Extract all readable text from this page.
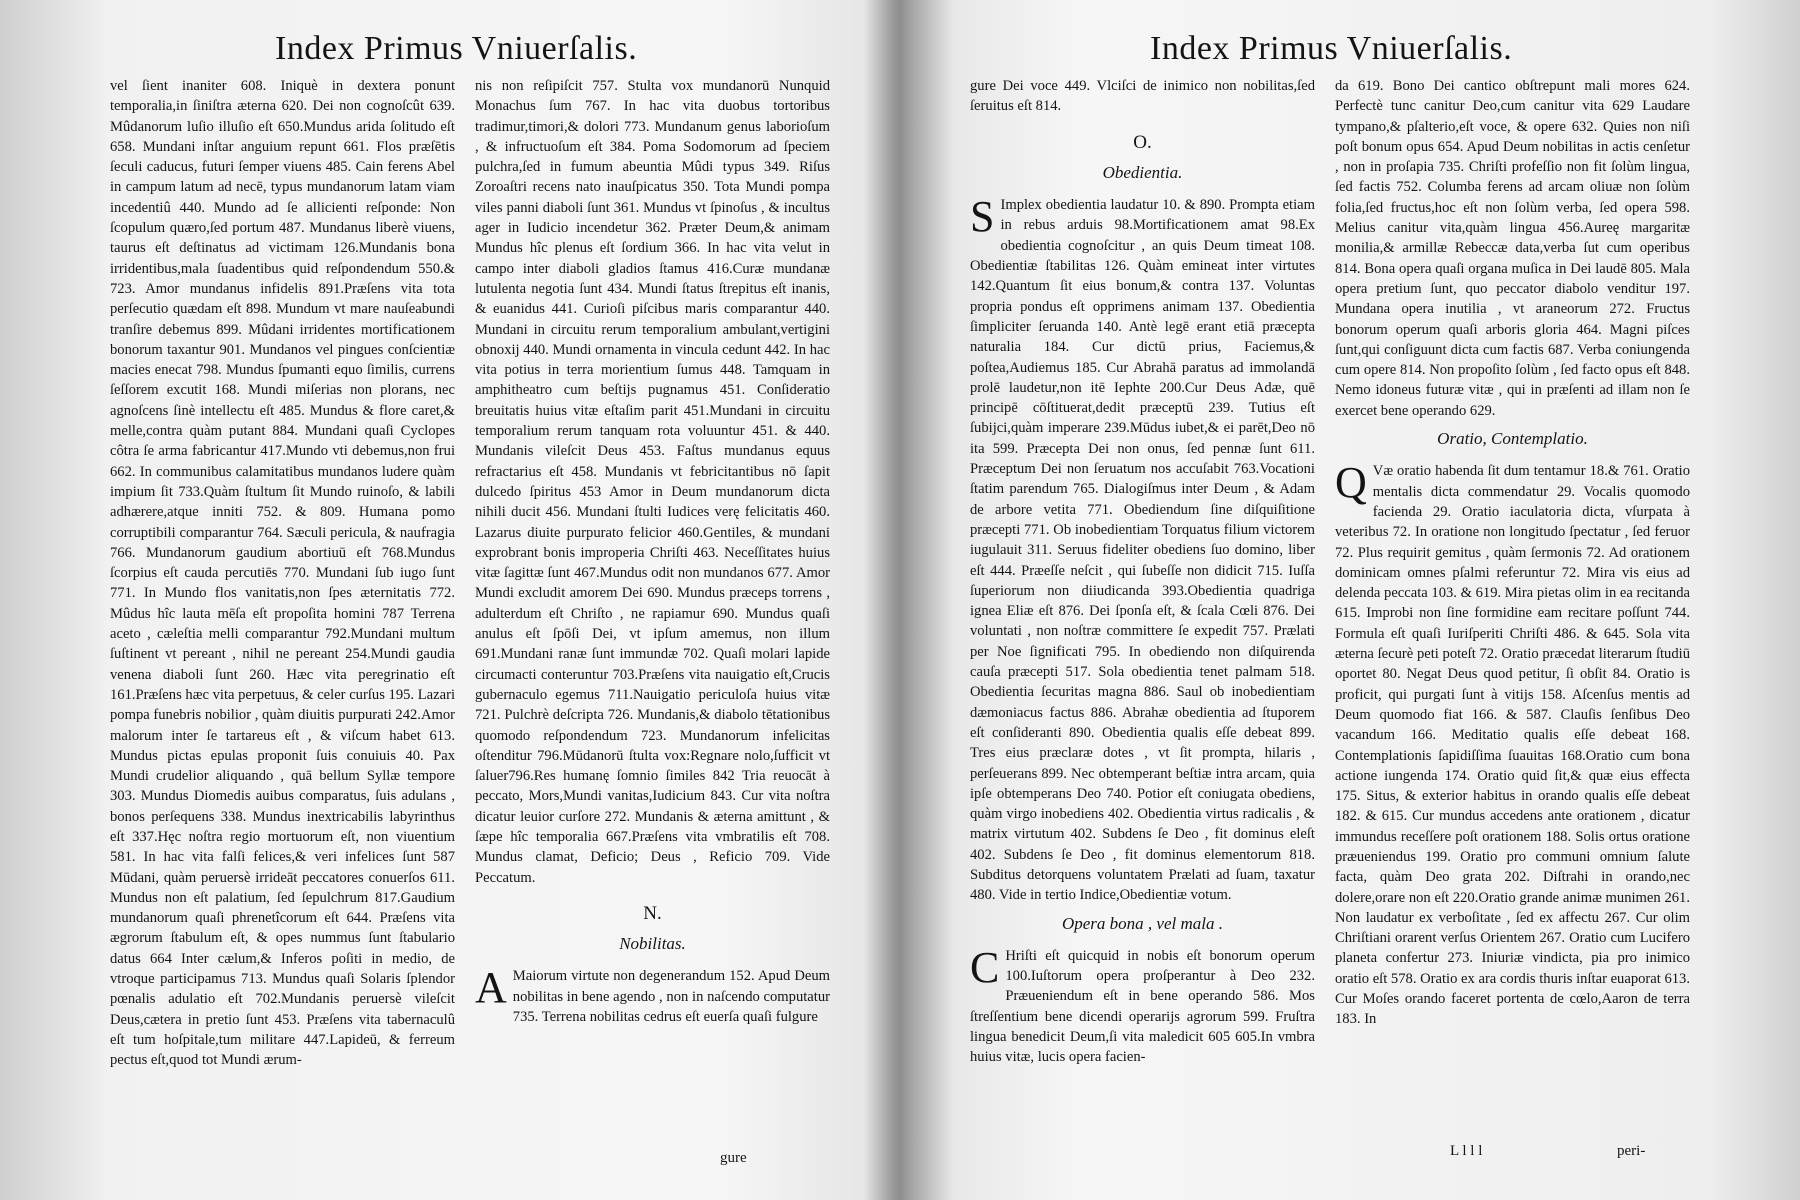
Index Primus Vniuerſalis.

vel ſient inaniter 608. Iniquè in dextera ponunt temporalia,in ſiniſtra æterna 620. Dei non cognoſcût 639. Mûdanorum luſio illuſio eſt 650.Mundus arida ſolitudo eſt 658. Mundani inſtar anguium repunt 661. Flos præſētis ſeculi caducus, futuri ſemper viuens 485. Cain ferens Abel in campum latum ad necē, typus mundanorum latam viam incedentiû 440. Mundo ad ſe allicienti reſponde: Non ſcopulum quæro,ſed portum 487. Mundanus liberè viuens, taurus eſt deſtinatus ad victimam 126.Mundanis bona irridentibus,mala ſuadentibus quid reſpondendum 550.& 723. Amor mundanus infidelis 891.Præſens vita tota perſecutio quædam eſt 898. Mundum vt mare nauſeabundi tranſire debemus 899. Mûdani irridentes mortificationem bonorum taxantur 901. Mundanos vel pingues conſcientiæ macies enecat 798. Mundus ſpumanti equo ſimilis, currens ſeſſorem excutit 168. Mundi miſerias non plorans, nec agnoſcens ſinè intellectu eſt 485. Mundus & flore caret,& melle,contra quàm putant 884. Mundani quaſi Cyclopes côtra ſe arma fabricantur 417.Mundo vti debemus,non frui 662. In communibus calamitatibus mundanos ludere quàm impium ſit 733.Quàm ſtultum ſit Mundo ruinoſo, & labili adhærere,atque inniti 752. & 809. Humana pomo corruptibili comparantur 764. Sæculi pericula, & naufragia 766. Mundanorum gaudium abortiuū eſt 768.Mundus ſcorpius eſt cauda percutiēs 770. Mundani ſub iugo ſunt 771. In Mundo flos vanitatis,non ſpes æternitatis 772. Mûdus hîc lauta mēſa eſt propoſita homini 787 Terrena aceto , cæleſtia melli comparantur 792.Mundani multum ſuſtinent vt pereant , nihil ne pereant 254.Mundi gaudia venena diaboli ſunt 260. Hæc vita peregrinatio eſt 161.Præſens hæc vita perpetuus, & celer curſus 195. Lazari pompa funebris nobilior , quàm diuitis purpurati 242.Amor malorum inter ſe tartareus eſt , & viſcum habet 613. Mundus pictas epulas proponit ſuis conuiuis 40. Pax Mundi crudelior aliquando , quā bellum Syllæ tempore 303. Mundus Diomedis auibus comparatus, ſuis adulans , bonos perſequens 338. Mundus inextricabilis labyrinthus eſt 337.Hęc noſtra regio mortuorum eſt, non viuentium 581. In hac vita falſi felices,& veri infelices ſunt 587 Mūdani, quàm peruersè irrideāt peccatores conuerſos 611. Mundus non eſt palatium, ſed ſepulchrum 817.Gaudium mundanorum quaſi phrenetîcorum eſt 644. Præſens vita ægrorum ſtabulum eſt, & opes nummus ſunt ſtabulario datus 664 Inter cælum,& Inferos poſiti in medio, de vtroque participamus 713. Mundus quaſi Solaris ſplendor pœnalis adulatio eſt 702.Mundanis peruersè vileſcit Deus,cætera in pretio ſunt 453. Præſens vita tabernaculû eſt tum hoſpitale,tum militare 447.Lapideū, & ferreum pectus eſt,quod tot Mundi ærum-

nis non reſipiſcit 757. Stulta vox mundanorū Nunquid Monachus ſum 767. In hac vita duobus tortoribus tradimur,timori,& dolori 773. Mundanum genus laborioſum , & infructuoſum eſt 384. Poma Sodomorum ad ſpeciem pulchra,ſed in fumum abeuntia Mûdi typus 349. Riſus Zoroaſtri recens nato inauſpicatus 350. Tota Mundi pompa viles panni diaboli ſunt 361. Mundus vt ſpinoſus , & incultus ager in Iudicio incendetur 362. Præter Deum,& animam Mundus hîc plenus eſt ſordium 366. In hac vita velut in campo inter diaboli gladios ſtamus 416.Curæ mundanæ lutulenta negotia ſunt 434. Mundi ſtatus ſtrepitus eſt inanis, & euanidus 441. Curioſi piſcibus maris comparantur 440. Mundani in circuitu rerum temporalium ambulant,vertigini obnoxij 440. Mundi ornamenta in vincula cedunt 442. In hac vita potius in terra morientium ſumus 448. Tamquam in amphitheatro cum beſtijs pugnamus 451. Conſideratio breuitatis huius vitæ eſtaſim parit 451.Mundani in circuitu temporalium rerum tanquam rota voluuntur 451. & 440. Mundanis vileſcit Deus 453. Faſtus mundanus equus refractarius eſt 458. Mundanis vt febricitantibus nō ſapit dulcedo ſpiritus 453 Amor in Deum mundanorum dicta nihili ducit 456. Mundani ſtulti Iudices verę felicitatis 460. Lazarus diuite purpurato felicior 460.Gentiles, & mundani exprobrant bonis improperia Chriſti 463. Neceſſitates huius vitæ ſagittæ ſunt 467.Mundus odit non mundanos 677. Amor Mundi excludit amorem Dei 690. Mundus præceps torrens , adulterdum eſt Chriſto , ne rapiamur 690. Mundus quaſi anulus eſt ſpōſi Dei, vt ipſum amemus, non illum 691.Mundani ranæ ſunt immundæ 702. Quaſi molari lapide circumacti conteruntur 703.Præſens vita nauigatio eſt,Crucis gubernaculo egemus 711.Nauigatio periculoſa huius vitæ 721. Pulchrè deſcripta 726. Mundanis,& diabolo tētationibus quomodo reſpondendum 723. Mundanorum infelicitas oſtenditur 796.Mūdanorū ſtulta vox:Regnare nolo,ſufficit vt ſaluer796.Res humanę ſomnio ſimiles 842 Tria reuocāt à peccato, Mors,Mundi vanitas,Iudicium 843. Cur vita noſtra dicatur leuior curſore 272. Mundanis & æterna amittunt , & ſæpe hîc temporalia 667.Præſens vita vmbratilis eſt 708. Mundus clamat, Deficio; Deus , Reficio 709. Vide Peccatum.

N.
Nobilitas.

A Maiorum virtute non degenerandum 152. Apud Deum nobilitas in bene agendo , non in naſcendo computatur 735. Terrena nobilitas cedrus eſt euerſa quaſi fulgure

Index Primus Vniuerſalis.

gure Dei voce 449. Vlciſci de inimico non nobilitas,ſed ſeruitus eſt 814.

O.
Obedientia.

S Implex obedientia laudatur 10. & 890. Prompta etiam in rebus arduis 98.Mortificationem amat 98.Ex obedientia cognoſcitur , an quis Deum timeat 108. Obedientiæ ſtabilitas 126. Quàm emineat inter virtutes 142.Quantum ſit eius bonum,& contra 137. Voluntas propria pondus eſt opprimens animam 137. Obedientia ſimpliciter ſeruanda 140. Antè legē erant etiā præcepta naturalia 184. Cur dictū prius, Faciemus,& poſtea,Audiemus 185. Cur Abrahā paratus ad immolandā prolē laudetur,non itē Iephte 200.Cur Deus Adæ, quē principē cōſtituerat,dedit præceptū 239. Tutius eſt ſubijci,quàm imperare 239.Mūdus iubet,& ei parēt,Deo nō ita 599. Præcepta Dei non onus, ſed pennæ ſunt 611. Præceptum Dei non ſeruatum nos accuſabit 763.Vocationi ſtatim parendum 765. Dialogiſmus inter Deum , & Adam de arbore vetita 771. Obediendum ſine diſquiſitione præcepti 771. Ob inobedientiam Torquatus filium victorem iugulauit 311. Seruus fideliter obediens ſuo domino, liber eſt 444. Præeſſe neſcit , qui ſubeſſe non didicit 715. Iuſſa ſuperiorum non diiudicanda 393.Obedientia quadriga ignea Eliæ eſt 876. Dei ſponſa eſt, & ſcala Cœli 876. Dei voluntati , non noſtræ committere ſe expedit 757. Prælati per Noe ſignificati 795. In obediendo non diſquirenda cauſa præcepti 517. Sola obedientia tenet palmam 518. Obedientia ſecuritas magna 886. Saul ob inobedientiam dæmoniacus factus 886. Abrahæ obedientia ad ſtuporem eſt conſideranti 890. Obedientia qualis eſſe debeat 899. Tres eius præclaræ dotes , vt ſit prompta, hilaris , perſeuerans 899. Nec obtemperant beſtiæ intra arcam, quia ipſe obtemperans Deo 740. Potior eſt coniugata obediens, quàm virgo inobediens 402. Obedientia virtus radicalis , & matrix virtutum 402. Subdens ſe Deo , fit dominus eleſt 402. Subdens ſe Deo , fit dominus elementorum 818. Subditus detorquens voluntatem Prælati ad ſuam, taxatur 480. Vide in tertio Indice,Obedientiæ votum.

Opera bona , vel mala .

C Hriſti eſt quicquid in nobis eſt bonorum operum 100.Iuſtorum opera proſperantur à Deo 232. Præueniendum eſt in bene operando 586. Mos ſtreſſentium bene dicendi operarijs agrorum 599. Fruſtra lingua benedicit Deum,ſi vita maledicit 605 605.In vmbra huius vitæ, lucis opera facien-

da 619. Bono Dei cantico obſtrepunt mali mores 624. Perfectè tunc canitur Deo,cum canitur vita 629 Laudare tympano,& pſalterio,eſt voce, & opere 632. Quies non niſi poſt bonum opus 654. Apud Deum nobilitas in actis cenſetur , non in proſapia 735. Chriſti profeſſio non fit ſolùm lingua, ſed factis 752. Columba ferens ad arcam oliuæ non ſolùm folia,ſed fructus,hoc eſt non ſolùm verba, ſed opera 598. Melius canitur vita,quàm lingua 456.Aureę margaritæ monilia,& armillæ Rebeccæ data,verba ſut cum operibus 814. Bona opera quaſi organa muſica in Dei laudē 805. Mala opera pretium ſunt, quo peccator diabolo venditur 197. Mundana opera inutilia , vt araneorum 272. Fructus bonorum operum quaſi arboris gloria 464. Magni piſces ſunt,qui conſiguunt dicta cum factis 687. Verba coniungenda cum opere 814. Non propoſito ſolùm , ſed facto opus eſt 848. Nemo idoneus futuræ vitæ , qui in præſenti ad illam non ſe exercet bene operando 629.

Oratio, Contemplatio.

Q Væ oratio habenda ſit dum tentamur 18.& 761. Oratio mentalis dicta commendatur 29. Vocalis quomodo facienda 29. Oratio iaculatoria dicta, vſurpata à veteribus 72. In oratione non longitudo ſpectatur , ſed feruor 72. Plus requirit gemitus , quàm ſermonis 72. Ad orationem dominicam omnes pſalmi referuntur 72. Mira vis eius ad delenda peccata 103. & 619. Mira pietas olim in ea recitanda 615. Improbi non ſine formidine eam recitare poſſunt 744. Formula eſt quaſi Iuriſperiti Chriſti 486. & 645. Sola vita æterna ſecurè peti poteſt 72. Oratio præcedat literarum ſtudiū oportet 80. Negat Deus quod petitur, ſi obſit 84. Oratio is proficit, qui purgati ſunt à vitijs 158. Aſcenſus mentis ad Deum quomodo fiat 166. & 587. Clauſis ſenſibus Deo vacandum 166. Meditatio qualis eſſe debeat 168. Contemplationis ſapidiſſima ſuauitas 168.Oratio cum bona actione iungenda 174. Oratio quid ſit,& quæ eius effecta 175. Situs, & exterior habitus in orando qualis eſſe debeat 182. & 615. Cur mundus accedens ante orationem , dicatur immundus receſſere poſt orationem 188. Solis ortus oratione præueniendus 199. Oratio pro communi omnium ſalute facta, quàm Deo grata 202. Diſtrahi in orando,nec dolere,orare non eſt 220.Oratio grande animæ munimen 261. Non laudatur ex verboſitate , ſed ex affectu 267. Cur olim Chriſtiani orarent verſus Orientem 267. Oratio cum Lucifero planeta confertur 273. Iniuriæ vindicta, pia pro inimico oratio eſt 578. Oratio ex ara cordis thuris inſtar euaporat 613. Cur Moſes orando faceret portenta de cœlo,Aaron de terra 183. In

L l l l	peri-
gure
